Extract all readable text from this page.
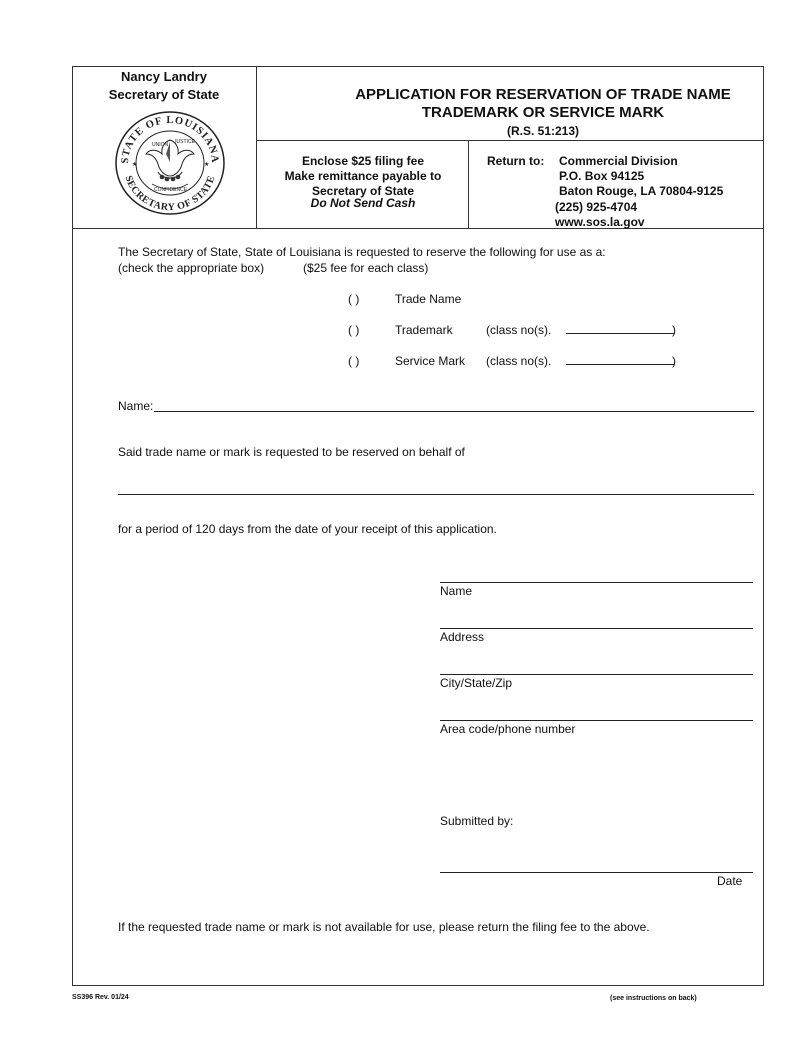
Nancy Landry
Secretary of State
STATE OF LOUISIANA
SECRETARY OF STATE
★	★
UNION JUSTICE
CONFIDENCE
APPLICATION FOR RESERVATION OF TRADE NAME
TRADEMARK OR SERVICE MARK
(R.S. 51:213)
Enclose $25 filing fee
Make remittance payable to
Secretary of State
Do Not Send Cash
Return to: Commercial Division
P.O. Box 94125
Baton Rouge, LA 70804-9125
(225) 925-4704
www.sos.la.gov
The Secretary of State, State of Louisiana is requested to reserve the following for use as a:
(check the appropriate box)	($25 fee for each class)
( )	Trade Name
( )	Trademark	(class no(s).	)
( )	Service Mark (class no(s).	)
Name:
Said trade name or mark is requested to be reserved on behalf of
for a period of 120 days from the date of your receipt of this application.
Name
Address
City/State/Zip
Area code/phone number
Submitted by:
Date
If the requested trade name or mark is not available for use, please return the filing fee to the above.
SS396 Rev. 01/24	(see instructions on back)
